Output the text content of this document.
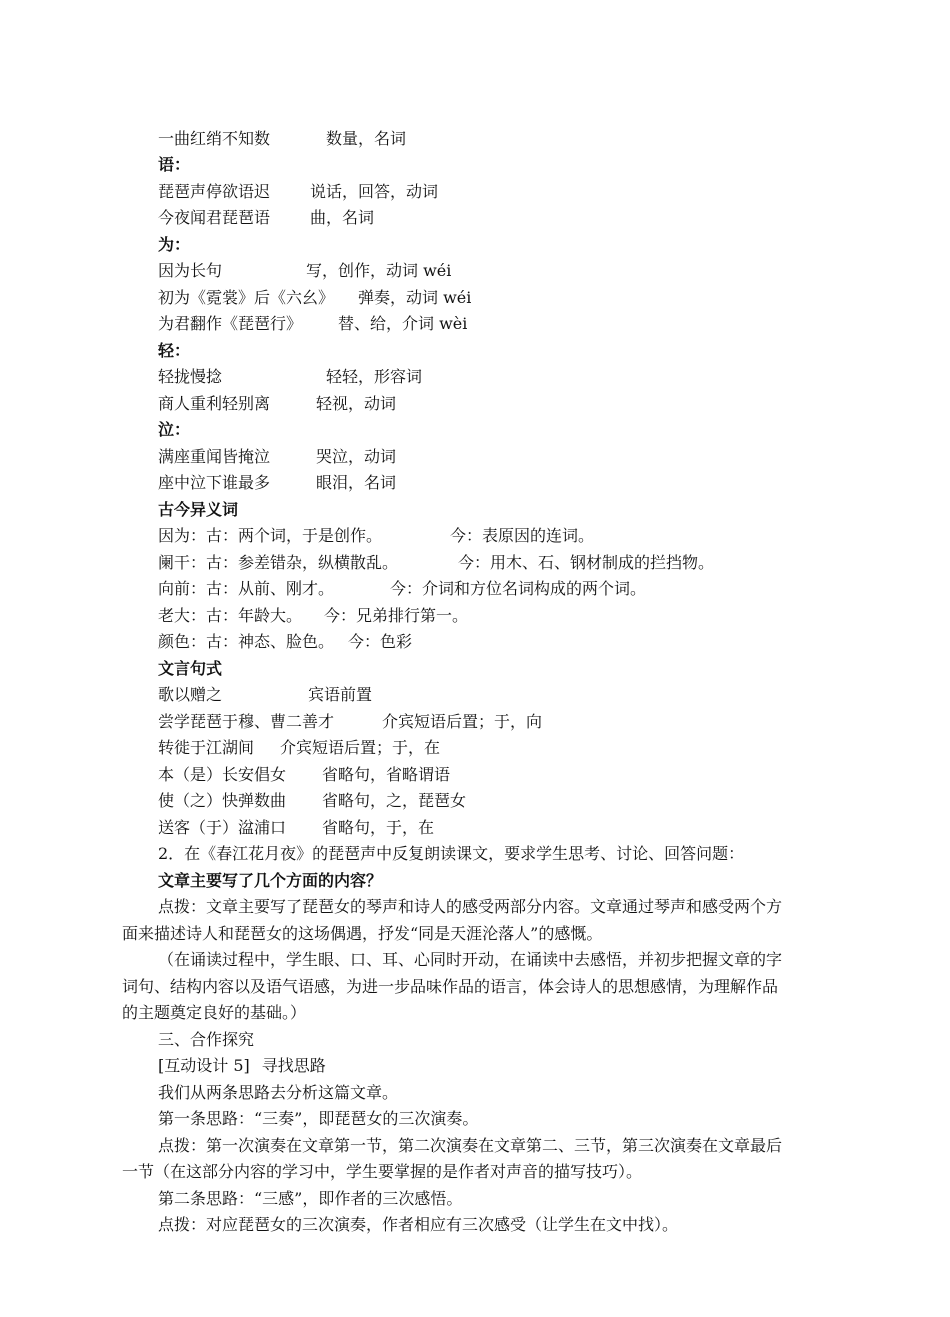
一曲红绡不知数	数量，名词
语：
琵琶声停欲语迟	说话，回答，动词
今夜闻君琵琶语	曲，名词
为：
因为长句	写，创作，动词 wéi
初为《霓裳》后《六幺》 弹奏，动词 wéi
为君翻作《琵琶行》 替、给，介词 wèi
轻：
轻拢慢捻	轻轻，形容词
商人重利轻别离	轻视，动词
泣：
满座重闻皆掩泣	哭泣，动词
座中泣下谁最多	眼泪，名词
古今异义词
因为：古：两个词，于是创作。	今：表原因的连词。
阑干：古：参差错杂，纵横散乱。	今：用木、石、钢材制成的拦挡物。
向前：古：从前、刚才。	今：介词和方位名词构成的两个词。
老大：古：年龄大。 今：兄弟排行第一。
颜色：古：神态、脸色。 今：色彩
文言句式
歌以赠之	宾语前置
尝学琵琶于穆、曹二善才	介宾短语后置；于，向
转徙于江湖间 介宾短语后置；于，在
本（是）长安倡女 省略句，省略谓语
使（之）快弹数曲 省略句，之，琵琶女
送客（于）湓浦口 省略句，于，在
2．在《春江花月夜》的琵琶声中反复朗读课文，要求学生思考、讨论、回答问题：
文章主要写了几个方面的内容？
点拨：文章主要写了琵琶女的琴声和诗人的感受两部分内容。文章通过琴声和感受两个方
面来描述诗人和琵琶女的这场偶遇，抒发“同是天涯沦落人”的感慨。
（在诵读过程中，学生眼、口、耳、心同时开动，在诵读中去感悟，并初步把握文章的字
词句、结构内容以及语气语感，为进一步品味作品的语言，体会诗人的思想感情，为理解作品
的主题奠定良好的基础。）
三、合作探究
[互动设计 5] 寻找思路
我们从两条思路去分析这篇文章。
第一条思路：“三奏”，即琵琶女的三次演奏。
点拨：第一次演奏在文章第一节，第二次演奏在文章第二、三节，第三次演奏在文章最后
一节（在这部分内容的学习中，学生要掌握的是作者对声音的描写技巧）。
第二条思路：“三感”，即作者的三次感悟。
点拨：对应琵琶女的三次演奏，作者相应有三次感受（让学生在文中找）。
